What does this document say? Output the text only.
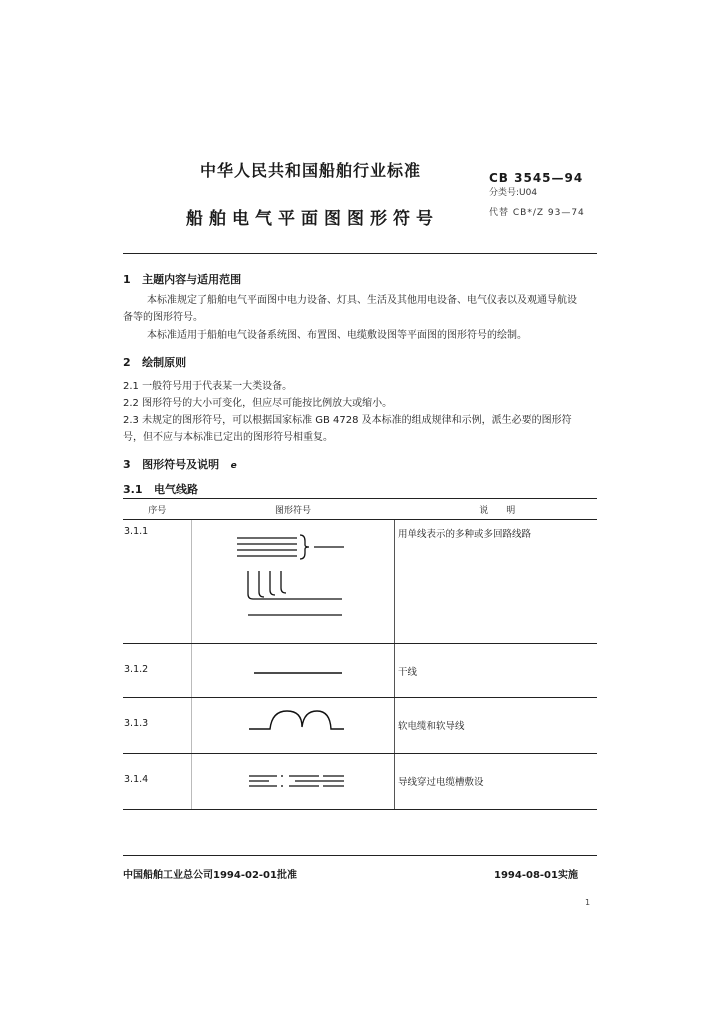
中华人民共和国船舶行业标准
船舶电气平面图图形符号
CB 3545—94
分类号:U04
代替 CB*/Z 93—74
1 主题内容与适用范围
本标准规定了船舶电气平面图中电力设备、灯具、生活及其他用电设备、电气仪表以及观通导航设
备等的图形符号。
本标准适用于船舶电气设备系统图、布置图、电缆敷设图等平面图的图形符号的绘制。
2 绘制原则
2.1 一般符号用于代表某一大类设备。
2.2 图形符号的大小可变化，但应尽可能按比例放大或缩小。
2.3 未规定的图形符号，可以根据国家标准 GB 4728 及本标准的组成规律和示例，派生必要的图形符
号，但不应与本标准已定出的图形符号相重复。
3 图形符号及说明 e
3.1 电气线路
序号	图形符号	说　　明
3.1.1		用单线表示的多种或多回路线路
3.1.2		干线
3.1.3		软电缆和软导线
3.1.4		导线穿过电缆槽敷设
中国船舶工业总公司1994-02-01批准	1994-08-01实施
1
